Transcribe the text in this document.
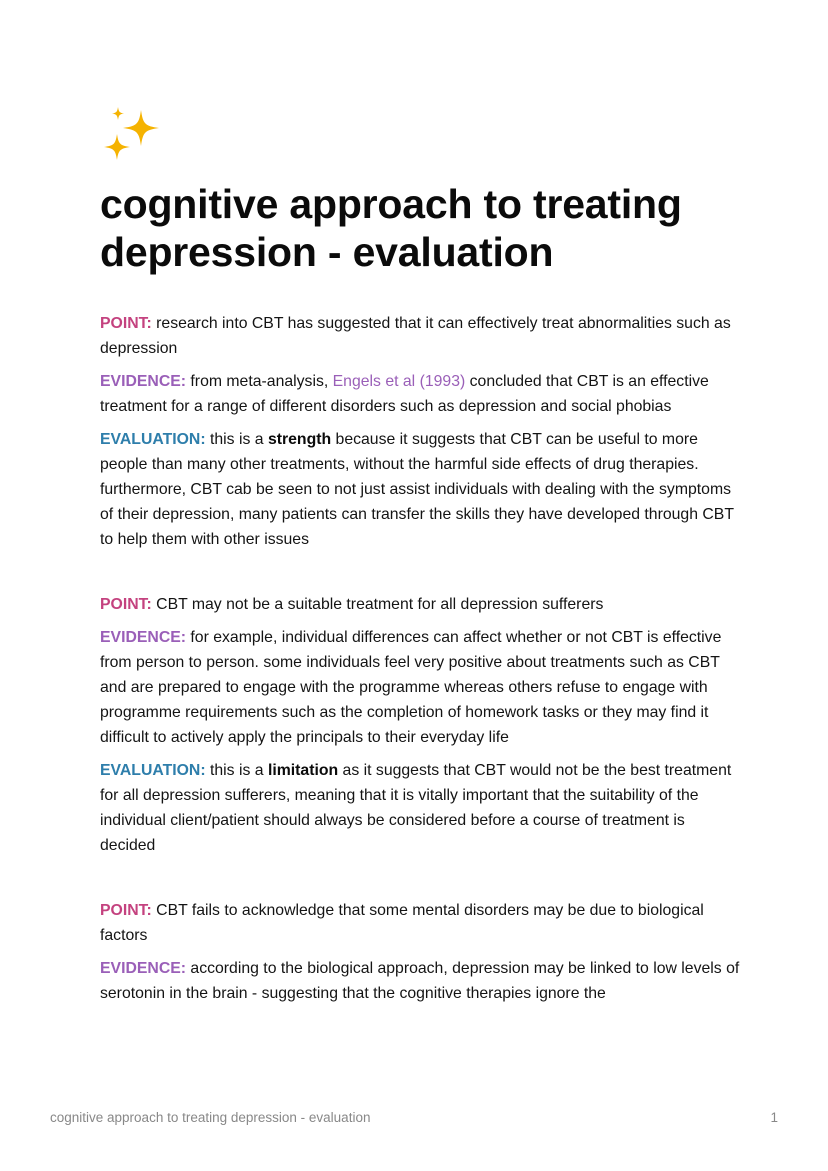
cognitive approach to treating depression - evaluation

POINT: research into CBT has suggested that it can effectively treat abnormalities such as depression

EVIDENCE: from meta-analysis, Engels et al (1993) concluded that CBT is an effective treatment for a range of different disorders such as depression and social phobias

EVALUATION: this is a strength because it suggests that CBT can be useful to more people than many other treatments, without the harmful side effects of drug therapies. furthermore, CBT cab be seen to not just assist individuals with dealing with the symptoms of their depression, many patients can transfer the skills they have developed through CBT to help them with other issues

POINT: CBT may not be a suitable treatment for all depression sufferers

EVIDENCE: for example, individual differences can affect whether or not CBT is effective from person to person. some individuals feel very positive about treatments such as CBT and are prepared to engage with the programme whereas others refuse to engage with programme requirements such as the completion of homework tasks or they may find it difficult to actively apply the principals to their everyday life

EVALUATION: this is a limitation as it suggests that CBT would not be the best treatment for all depression sufferers, meaning that it is vitally important that the suitability of the individual client/patient should always be considered before a course of treatment is decided

POINT: CBT fails to acknowledge that some mental disorders may be due to biological factors

EVIDENCE: according to the biological approach, depression may be linked to low levels of serotonin in the brain - suggesting that the cognitive therapies ignore the

cognitive approach to treating depression - evaluation	1
